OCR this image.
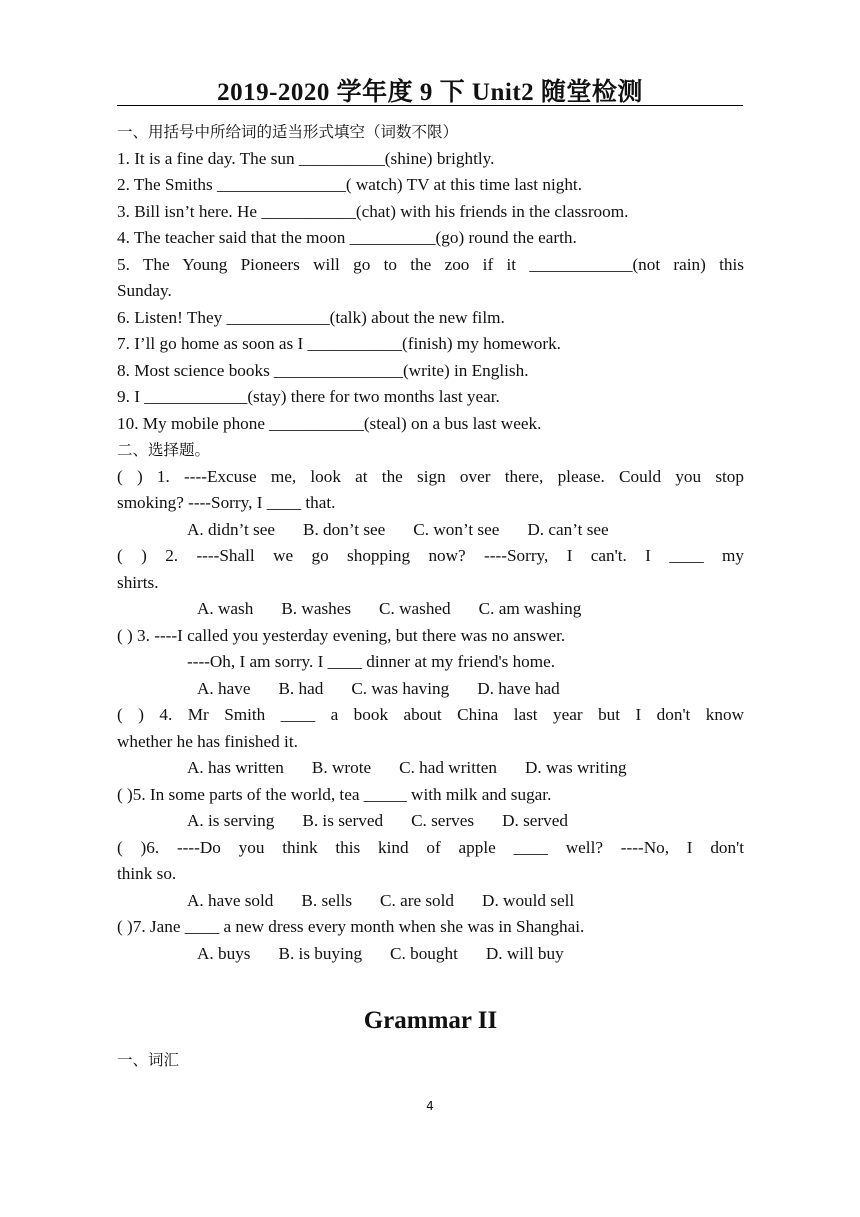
2019-2020 学年度 9 下 Unit2 随堂检测
一、用括号中所给词的适当形式填空（词数不限）
1. It is a fine day. The sun __________(shine) brightly.
2. The Smiths _______________( watch) TV at this time last night.
3. Bill isn’t here. He ___________(chat) with his friends in the classroom.
4. The teacher said that the moon __________(go) round the earth.
5. The Young Pioneers will go to the zoo if it ____________(not rain) this
Sunday.
6. Listen! They ____________(talk) about the new film.
7. I’ll go home as soon as I ___________(finish) my homework.
8. Most science books _______________(write) in English.
9. I ____________(stay) there for two months last year.
10. My mobile phone ___________(steal) on a bus last week.
二、选择题。
( ) 1. ----Excuse me, look at the sign over there, please. Could you stop
smoking? ----Sorry, I ____ that.
A. didn’t see B. don’t see C. won’t see D. can’t see
( ) 2. ----Shall we go shopping now? ----Sorry, I can't. I ____ my
shirts.
A. wash B. washes C. washed C. am washing
( ) 3. ----I called you yesterday evening, but there was no answer.
----Oh, I am sorry. I ____ dinner at my friend's home.
A. have B. had C. was having D. have had
( ) 4. Mr Smith ____ a book about China last year but I don't know
whether he has finished it.
A. has written B. wrote C. had written D. was writing
( )5. In some parts of the world, tea _____ with milk and sugar.
A. is serving B. is served C. serves D. served
( )6. ----Do you think this kind of apple ____ well? ----No, I don't
think so.
A. have sold B. sells C. are sold D. would sell
( )7. Jane ____ a new dress every month when she was in Shanghai.
A. buys B. is buying C. bought D. will buy
Grammar II
一、词汇
4
